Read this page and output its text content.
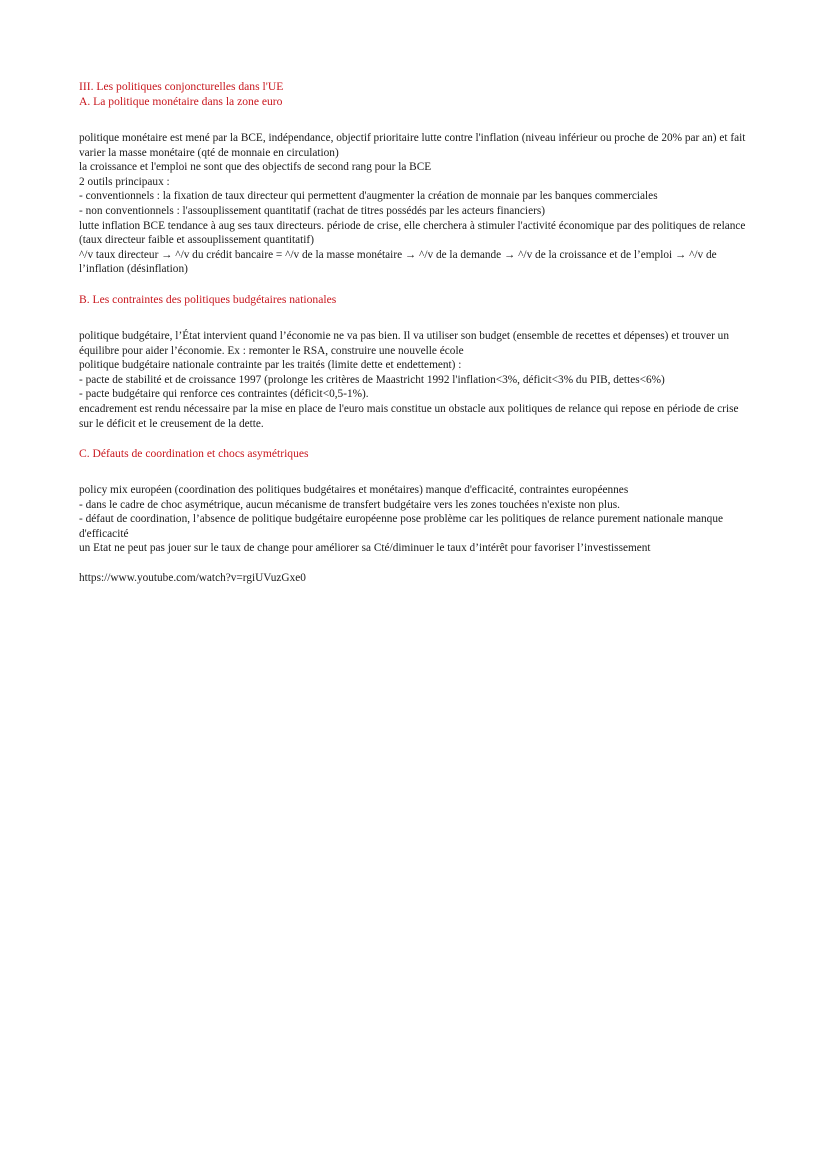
III. Les politiques conjoncturelles dans l'UE
A. La politique monétaire dans la zone euro
politique monétaire est mené par la BCE, indépendance, objectif prioritaire lutte contre l'inflation (niveau inférieur ou proche de 20% par an) et fait varier la masse monétaire (qté de monnaie en circulation)
la croissance et l'emploi ne sont que des objectifs de second rang pour la BCE
2 outils principaux :
- conventionnels : la fixation de taux directeur qui permettent d'augmenter la création de monnaie par les banques commerciales
- non conventionnels : l'assouplissement quantitatif (rachat de titres possédés par les acteurs financiers)
lutte inflation BCE tendance à aug ses taux directeurs. période de crise, elle cherchera à stimuler l'activité économique par des politiques de relance (taux directeur faible et assouplissement quantitatif)
^/v taux directeur → ^/v du crédit bancaire = ^/v de la masse monétaire → ^/v de la demande → ^/v de la croissance et de l’emploi → ^/v de l’inflation (désinflation)
B. Les contraintes des politiques budgétaires nationales
politique budgétaire, l’État intervient quand l’économie ne va pas bien. Il va utiliser son budget (ensemble de recettes et dépenses) et trouver un équilibre pour aider l’économie. Ex : remonter le RSA, construire une nouvelle école
politique budgétaire nationale contrainte par les traités (limite dette et endettement) :
- pacte de stabilité et de croissance 1997 (prolonge les critères de Maastricht 1992 l'inflation<3%, déficit<3% du PIB, dettes<6%)
- pacte budgétaire qui renforce ces contraintes (déficit<0,5-1%).
encadrement est rendu nécessaire par la mise en place de l'euro mais constitue un obstacle aux politiques de relance qui repose en période de crise sur le déficit et le creusement de la dette.
C. Défauts de coordination et chocs asymétriques
policy mix européen (coordination des politiques budgétaires et monétaires) manque d'efficacité, contraintes européennes
- dans le cadre de choc asymétrique, aucun mécanisme de transfert budgétaire vers les zones touchées n'existe non plus.
- défaut de coordination, l’absence de politique budgétaire européenne pose problème car les politiques de relance purement nationale manque d'efficacité
un Etat ne peut pas jouer sur le taux de change pour améliorer sa Cté/diminuer le taux d’intérêt pour favoriser l’investissement
https://www.youtube.com/watch?v=rgiUVuzGxe0
